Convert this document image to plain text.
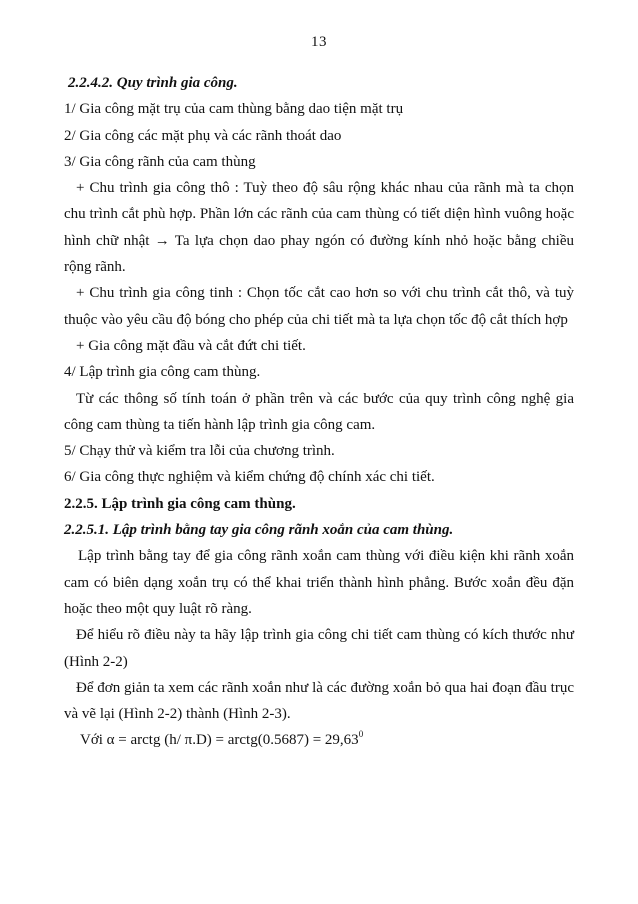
13

2.2.4.2. Quy trình gia công.

1/ Gia công mặt trụ của cam thùng bằng dao tiện mặt trụ

2/ Gia công các mặt phụ và các rãnh thoát dao

3/ Gia công rãnh của cam thùng

+ Chu trình gia công thô : Tuỳ theo độ sâu rộng khác nhau của rãnh mà ta chọn chu trình cắt phù hợp. Phần lớn các rãnh của cam thùng có tiết diện hình vuông hoặc hình chữ nhật → Ta lựa chọn dao phay ngón có đường kính nhỏ hoặc bằng chiều rộng rãnh.

+ Chu trình gia công tinh : Chọn tốc cắt cao hơn so với chu trình cắt thô, và tuỳ thuộc vào yêu cầu độ bóng cho phép của chi tiết mà ta lựa chọn tốc độ cắt thích hợp

+ Gia công mặt đầu và cắt đứt chi tiết.

4/ Lập trình gia công cam thùng.

Từ các thông số tính toán ở phần trên và các bước của quy trình công nghệ gia công cam thùng ta tiến hành lập trình gia công cam.

5/ Chạy thử và kiểm tra lỗi của chương trình.

6/ Gia công thực nghiệm và kiểm chứng độ chính xác chi tiết.

2.2.5. Lập trình gia công cam thùng.

2.2.5.1. Lập trình bằng tay gia công rãnh xoắn của cam thùng.

Lập trình bằng tay để gia công rãnh xoắn cam thùng với điều kiện khi rãnh xoắn cam có biên dạng xoắn trụ có thể khai triển thành hình phẳng. Bước xoắn đều đặn hoặc theo một quy luật rõ ràng.

Để hiểu rõ điều này ta hãy lập trình gia công chi tiết cam thùng có kích thước như (Hình 2-2)

Để đơn giản ta xem các rãnh xoắn như là các đường xoắn bỏ qua hai đoạn đầu trục và vẽ lại (Hình 2-2) thành (Hình 2-3).

Với α = arctg (h/ π.D) = arctg(0.5687) = $29,63^0$
